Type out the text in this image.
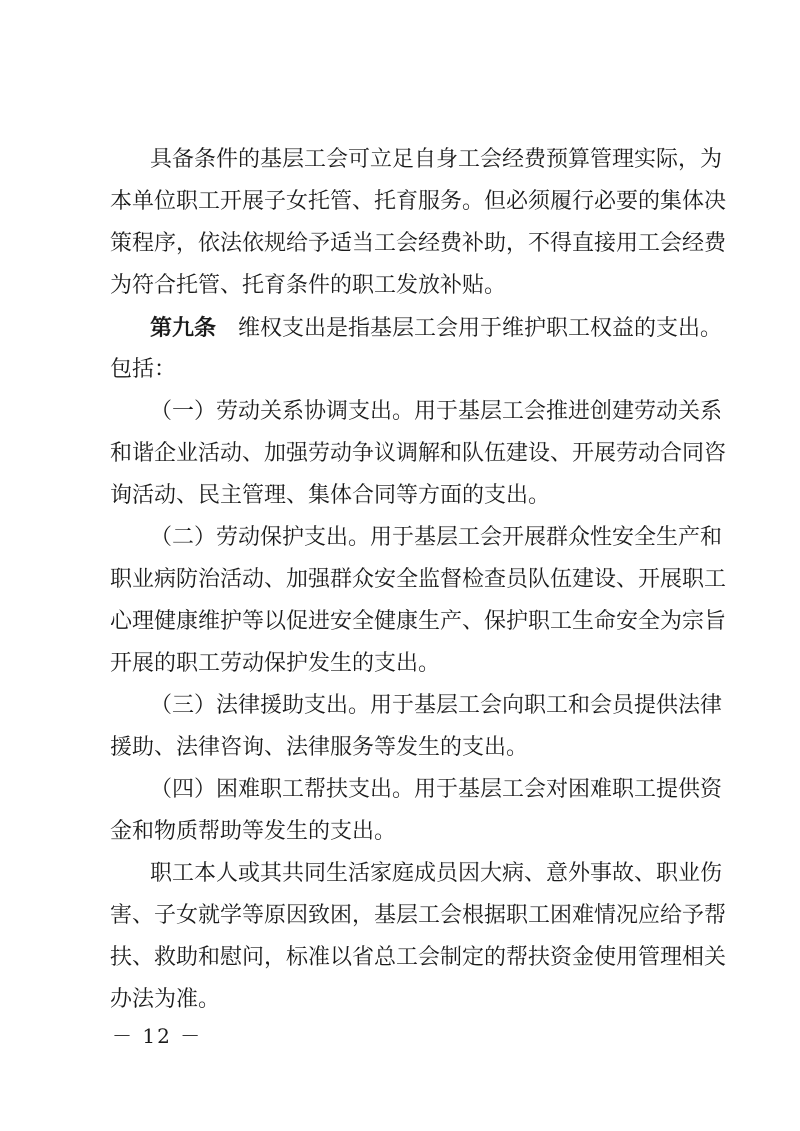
具备条件的基层工会可立足自身工会经费预算管理实际，为
本单位职工开展子女托管、托育服务。但必须履行必要的集体决
策程序，依法依规给予适当工会经费补助，不得直接用工会经费
为符合托管、托育条件的职工发放补贴。
第九条 维权支出是指基层工会用于维护职工权益的支出。
包括：
（一）劳动关系协调支出。用于基层工会推进创建劳动关系
和谐企业活动、加强劳动争议调解和队伍建设、开展劳动合同咨
询活动、民主管理、集体合同等方面的支出。
（二）劳动保护支出。用于基层工会开展群众性安全生产和
职业病防治活动、加强群众安全监督检查员队伍建设、开展职工
心理健康维护等以促进安全健康生产、保护职工生命安全为宗旨
开展的职工劳动保护发生的支出。
（三）法律援助支出。用于基层工会向职工和会员提供法律
援助、法律咨询、法律服务等发生的支出。
（四）困难职工帮扶支出。用于基层工会对困难职工提供资
金和物质帮助等发生的支出。
职工本人或其共同生活家庭成员因大病、意外事故、职业伤
害、子女就学等原因致困，基层工会根据职工困难情况应给予帮
扶、救助和慰问，标准以省总工会制定的帮扶资金使用管理相关
办法为准。
－ 12 －
